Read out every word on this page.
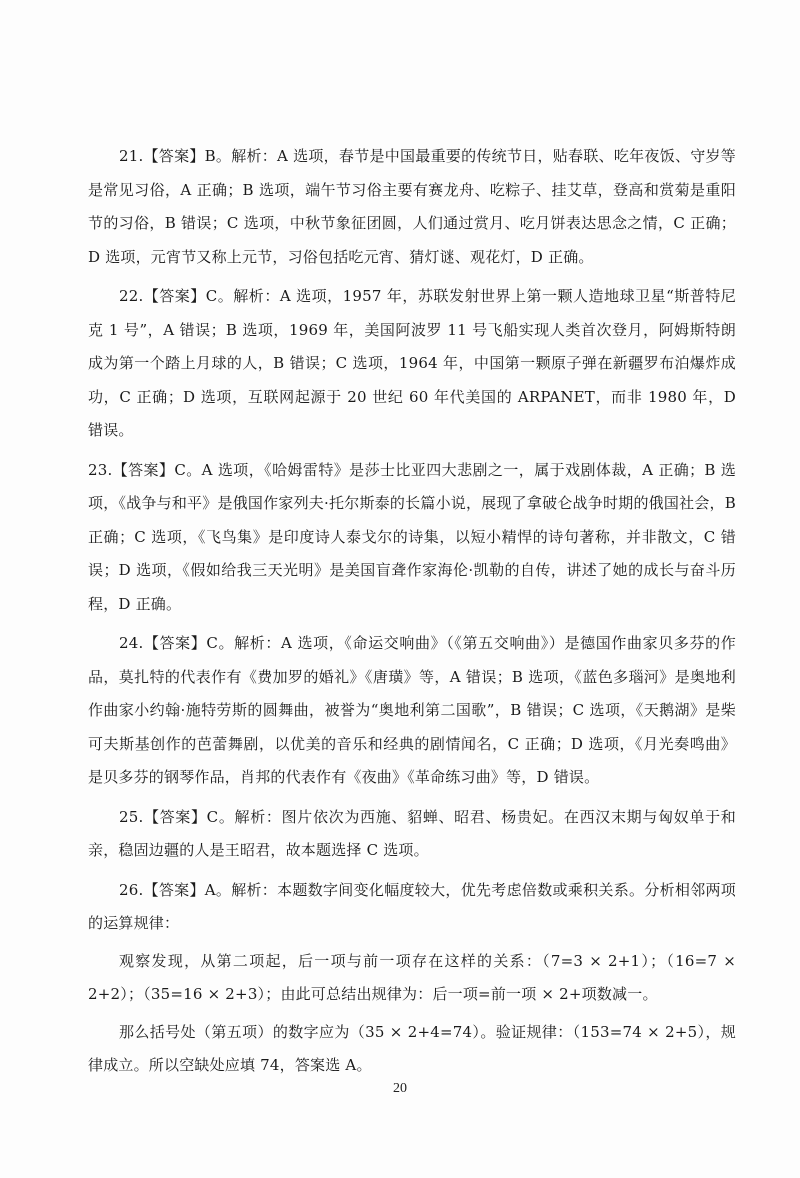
21.【答案】B。解析：A 选项，春节是中国最重要的传统节日，贴春联、吃年夜饭、守岁等是常见习俗，A 正确；B 选项，端午节习俗主要有赛龙舟、吃粽子、挂艾草，登高和赏菊是重阳节的习俗，B 错误；C 选项，中秋节象征团圆，人们通过赏月、吃月饼表达思念之情，C 正确；D 选项，元宵节又称上元节，习俗包括吃元宵、猜灯谜、观花灯，D 正确。

22.【答案】C。解析：A 选项，1957 年，苏联发射世界上第一颗人造地球卫星“斯普特尼克 1 号”，A 错误；B 选项，1969 年，美国阿波罗 11 号飞船实现人类首次登月，阿姆斯特朗成为第一个踏上月球的人，B 错误；C 选项，1964 年，中国第一颗原子弹在新疆罗布泊爆炸成功，C 正确；D 选项，互联网起源于 20 世纪 60 年代美国的 ARPANET，而非 1980 年，D 错误。

23.【答案】C。A 选项，《哈姆雷特》是莎士比亚四大悲剧之一，属于戏剧体裁，A 正确；B 选项，《战争与和平》是俄国作家列夫·托尔斯泰的长篇小说，展现了拿破仑战争时期的俄国社会，B 正确；C 选项，《飞鸟集》是印度诗人泰戈尔的诗集，以短小精悍的诗句著称，并非散文，C 错误；D 选项，《假如给我三天光明》是美国盲聋作家海伦·凯勒的自传，讲述了她的成长与奋斗历程，D 正确。

24.【答案】C。解析：A 选项，《命运交响曲》（《第五交响曲》）是德国作曲家贝多芬的作品，莫扎特的代表作有《费加罗的婚礼》《唐璜》等，A 错误；B 选项，《蓝色多瑙河》是奥地利作曲家小约翰·施特劳斯的圆舞曲，被誉为“奥地利第二国歌”，B 错误；C 选项，《天鹅湖》是柴可夫斯基创作的芭蕾舞剧，以优美的音乐和经典的剧情闻名，C 正确；D 选项，《月光奏鸣曲》是贝多芬的钢琴作品，肖邦的代表作有《夜曲》《革命练习曲》等，D 错误。

25.【答案】C。解析：图片依次为西施、貂蝉、昭君、杨贵妃。在西汉末期与匈奴单于和亲，稳固边疆的人是王昭君，故本题选择 C 选项。

26.【答案】A。解析：本题数字间变化幅度较大，优先考虑倍数或乘积关系。分析相邻两项的运算规律：

观察发现，从第二项起，后一项与前一项存在这样的关系：（7=3 × 2+1）；（16=7 × 2+2）；（35=16 × 2+3）；由此可总结出规律为：后一项=前一项 × 2+项数减一。

那么括号处（第五项）的数字应为（35 × 2+4=74）。验证规律：（153=74 × 2+5），规律成立。所以空缺处应填 74，答案选 A。

20
